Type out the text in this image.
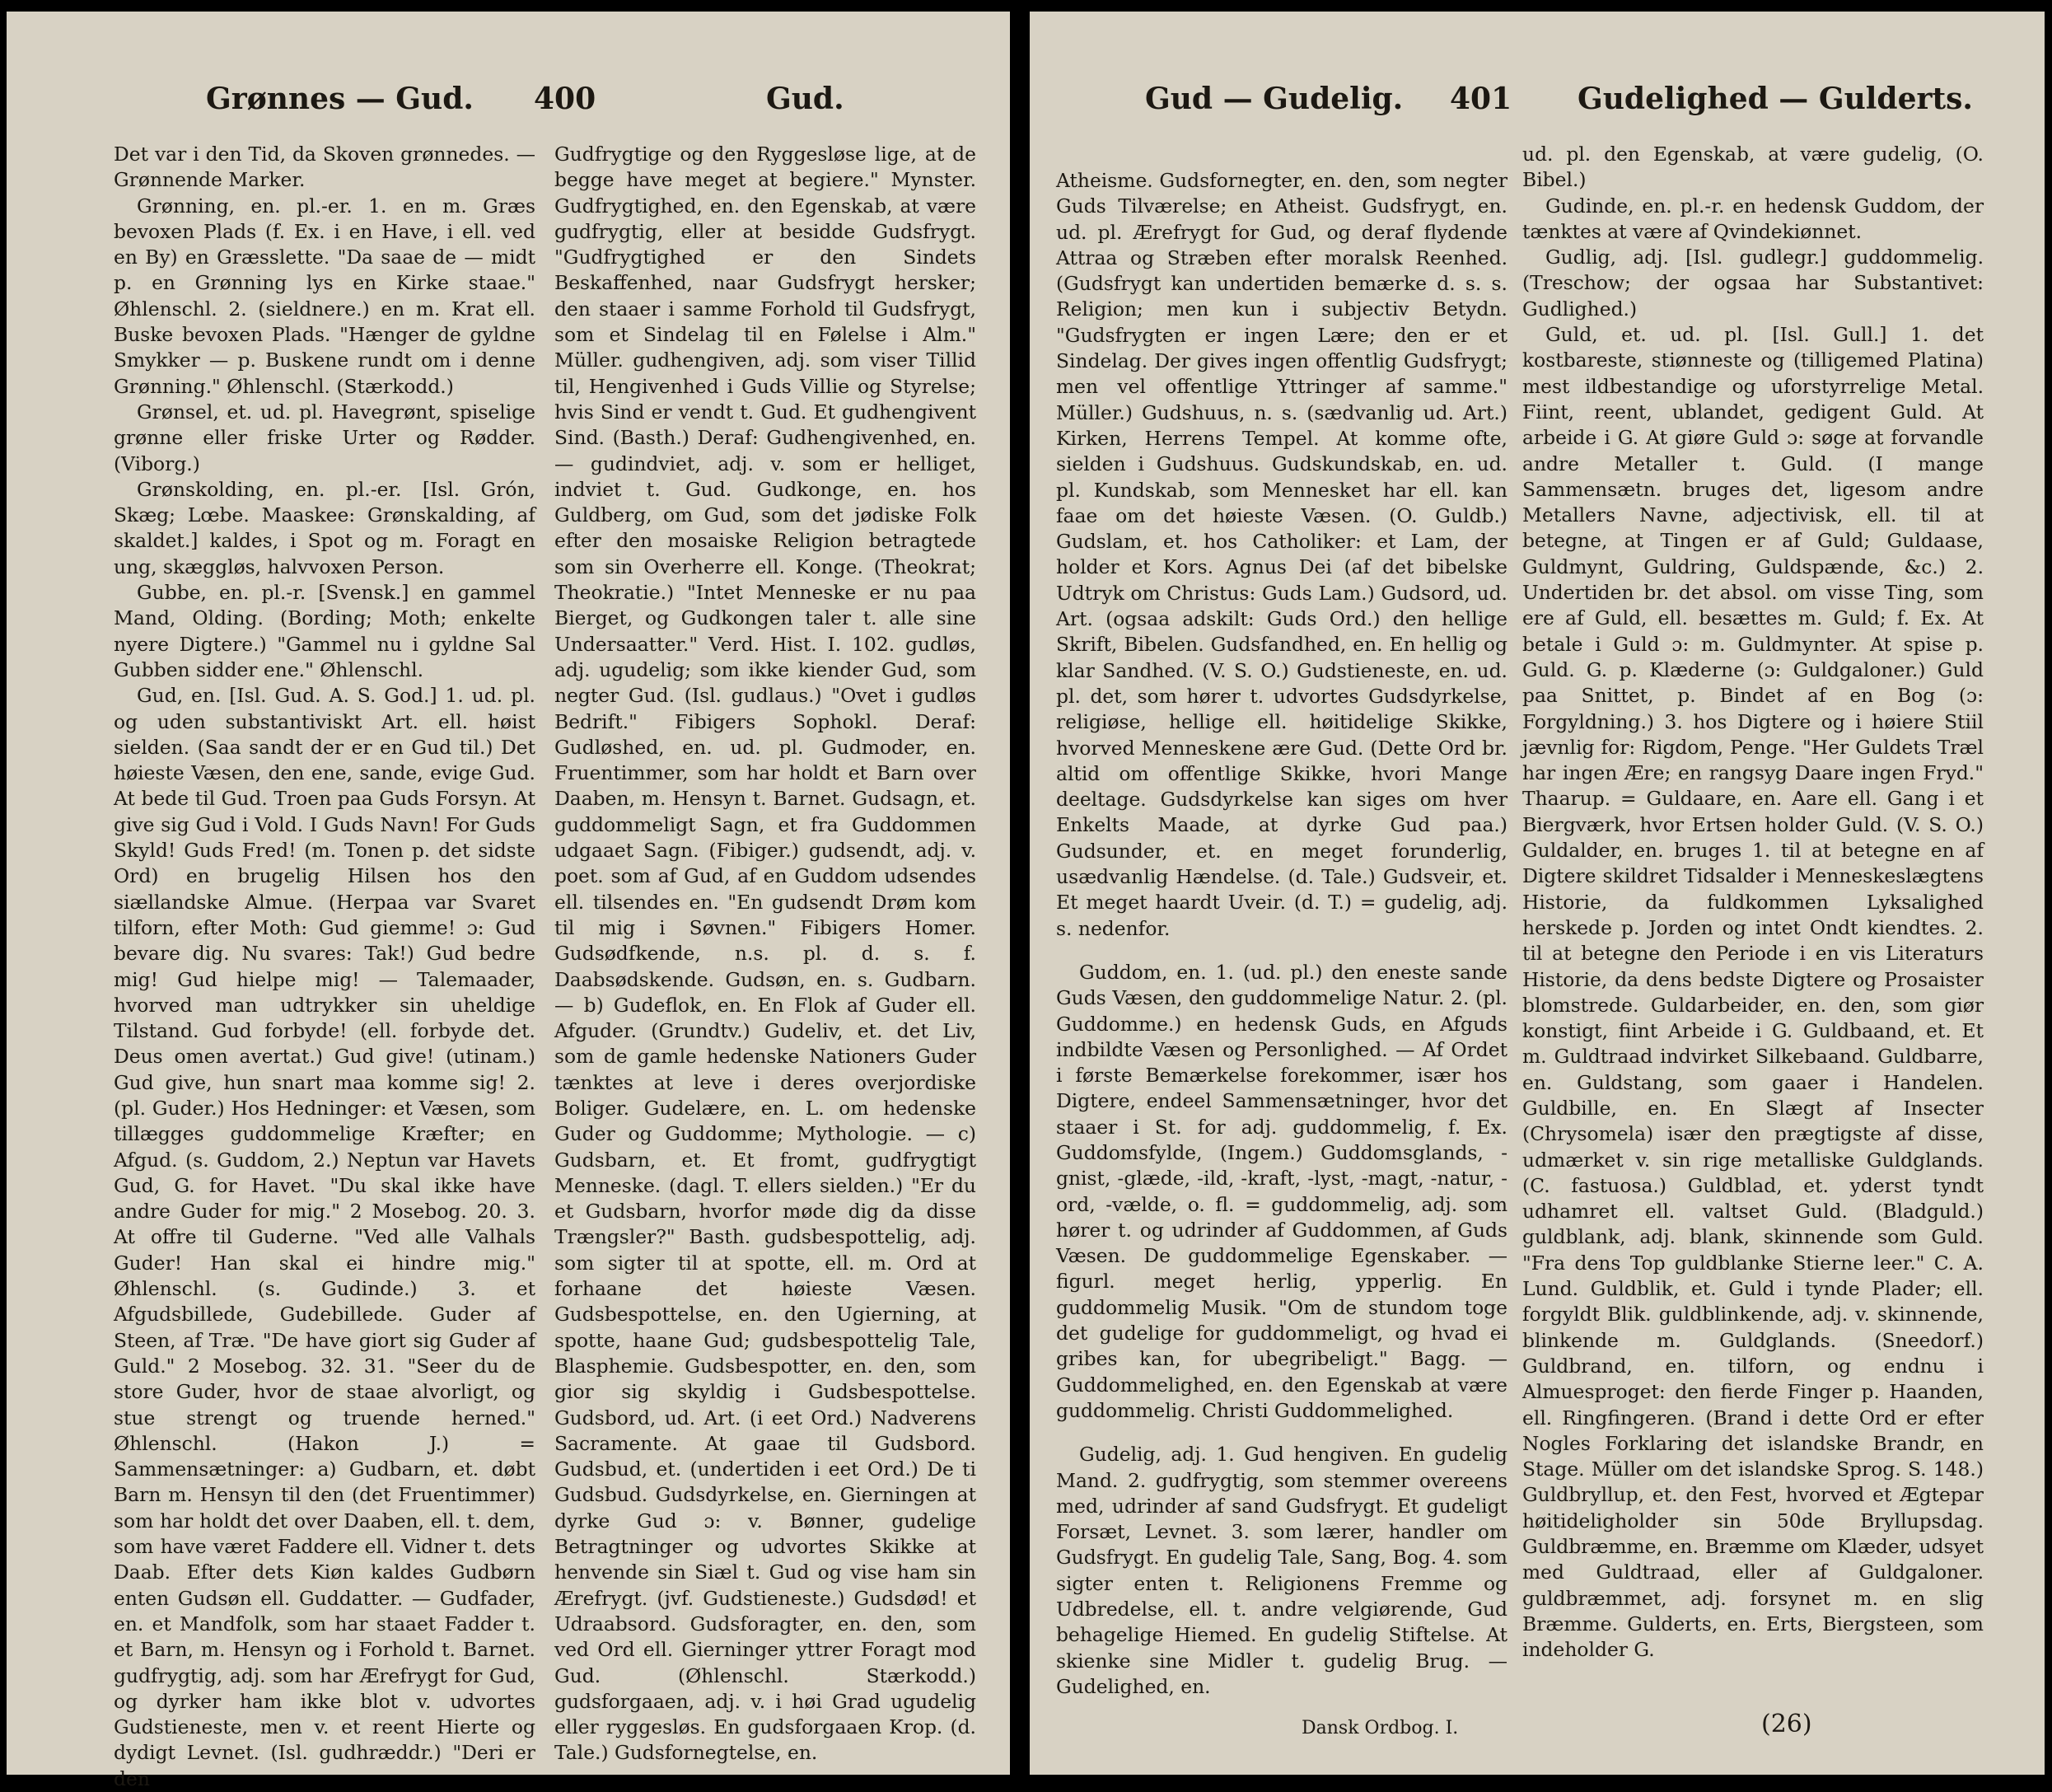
Grønnes — Gud. 400	Gud.

Det var i den Tid, da Skoven grønnedes. — Grønnende Marker.

Grønning, en. pl.-er. 1. en m. Græs bevoxen Plads (f. Ex. i en Have, i ell. ved en By) en Græsslette. "Da saae de — midt p. en Grønning lys en Kirke staae." Øhlenschl. 2. (sieldnere.) en m. Krat ell. Buske bevoxen Plads. "Hænger de gyldne Smykker — p. Buskene rundt om i denne Grønning." Øhlenschl. (Stærkodd.)

Grønsel, et. ud. pl. Havegrønt, spiselige grønne eller friske Urter og Rødder. (Viborg.)

Grønskolding, en. pl.-er. [Isl. Grón, Skæg; Lœbe. Maaskee: Grønskalding, af skaldet.] kaldes, i Spot og m. Foragt en ung, skæggløs, halvvoxen Person.

Gubbe, en. pl.-r. [Svensk.] en gammel Mand, Olding. (Bording; Moth; enkelte nyere Digtere.) "Gammel nu i gyldne Sal Gubben sidder ene." Øhlenschl.

Gud, en. [Isl. Gud. A. S. God.] 1. ud. pl. og uden substantiviskt Art. ell. høist sielden. (Saa sandt der er en Gud til.) Det høieste Væsen, den ene, sande, evige Gud. At bede til Gud. Troen paa Guds Forsyn. At give sig Gud i Vold. I Guds Navn! For Guds Skyld! Guds Fred! (m. Tonen p. det sidste Ord) en brugelig Hilsen hos den siællandske Almue. (Herpaa var Svaret tilforn, efter Moth: Gud giemme! ɔ: Gud bevare dig. Nu svares: Tak!) Gud bedre mig! Gud hielpe mig! — Talemaader, hvorved man udtrykker sin uheldige Tilstand. Gud forbyde! (ell. forbyde det. Deus omen avertat.) Gud give! (utinam.) Gud give, hun snart maa komme sig! 2. (pl. Guder.) Hos Hedninger: et Væsen, som tillægges guddommelige Kræfter; en Afgud. (s. Guddom, 2.) Neptun var Havets Gud, G. for Havet. "Du skal ikke have andre Guder for mig." 2 Mosebog. 20. 3. At offre til Guderne. "Ved alle Valhals Guder! Han skal ei hindre mig." Øhlenschl. (s. Gudinde.) 3. et Afgudsbillede, Gudebillede. Guder af Steen, af Træ. "De have giort sig Guder af Guld." 2 Mosebog. 32. 31. "Seer du de store Guder, hvor de staae alvorligt, og stue strengt og truende herned." Øhlenschl. (Hakon J.) = Sammensætninger: a) Gudbarn, et. døbt Barn m. Hensyn til den (det Fruentimmer) som har holdt det over Daaben, ell. t. dem, som have været Faddere ell. Vidner t. dets Daab. Efter dets Kiøn kaldes Gudbørn enten Gudsøn ell. Guddatter. — Gudfader, en. et Mandfolk, som har staaet Fadder t. et Barn, m. Hensyn og i Forhold t. Barnet. gudfrygtig, adj. som har Ærefrygt for Gud, og dyrker ham ikke blot v. udvortes Gudstieneste, men v. et reent Hierte og dydigt Levnet. (Isl. gudhræddr.) "Deri er den

Gudfrygtige og den Ryggesløse lige, at de begge have meget at begiere." Mynster. Gudfrygtighed, en. den Egenskab, at være gudfrygtig, eller at besidde Gudsfrygt. "Gudfrygtighed er den Sindets Beskaffenhed, naar Gudsfrygt hersker; den staaer i samme Forhold til Gudsfrygt, som et Sindelag til en Følelse i Alm." Müller. gudhengiven, adj. som viser Tillid til, Hengivenhed i Guds Villie og Styrelse; hvis Sind er vendt t. Gud. Et gudhengivent Sind. (Basth.) Deraf: Gudhengivenhed, en. — gudindviet, adj. v. som er helliget, indviet t. Gud. Gudkonge, en. hos Guldberg, om Gud, som det jødiske Folk efter den mosaiske Religion betragtede som sin Overherre ell. Konge. (Theokrat; Theokratie.) "Intet Menneske er nu paa Bierget, og Gudkongen taler t. alle sine Undersaatter." Verd. Hist. I. 102. gudløs, adj. ugudelig; som ikke kiender Gud, som negter Gud. (Isl. gudlaus.) "Ovet i gudløs Bedrift." Fibigers Sophokl. Deraf: Gudløshed, en. ud. pl. Gudmoder, en. Fruentimmer, som har holdt et Barn over Daaben, m. Hensyn t. Barnet. Gudsagn, et. guddommeligt Sagn, et fra Guddommen udgaaet Sagn. (Fibiger.) gudsendt, adj. v. poet. som af Gud, af en Guddom udsendes ell. tilsendes en. "En gudsendt Drøm kom til mig i Søvnen." Fibigers Homer. Gudsødfkende, n.s. pl. d. s. f. Daabsødskende. Gudsøn, en. s. Gudbarn. — b) Gudeflok, en. En Flok af Guder ell. Afguder. (Grundtv.) Gudeliv, et. det Liv, som de gamle hedenske Nationers Guder tænktes at leve i deres overjordiske Boliger. Gudelære, en. L. om hedenske Guder og Guddomme; Mythologie. — c) Gudsbarn, et. Et fromt, gudfrygtigt Menneske. (dagl. T. ellers sielden.) "Er du et Gudsbarn, hvorfor møde dig da disse Trængsler?" Basth. gudsbespottelig, adj. som sigter til at spotte, ell. m. Ord at forhaane det høieste Væsen. Gudsbespottelse, en. den Ugierning, at spotte, haane Gud; gudsbespottelig Tale, Blasphemie. Gudsbespotter, en. den, som gior sig skyldig i Gudsbespottelse. Gudsbord, ud. Art. (i eet Ord.) Nadverens Sacramente. At gaae til Gudsbord. Gudsbud, et. (undertiden i eet Ord.) De ti Gudsbud. Gudsdyrkelse, en. Gierningen at dyrke Gud ɔ: v. Bønner, gudelige Betragtninger og udvortes Skikke at henvende sin Siæl t. Gud og vise ham sin Ærefrygt. (jvf. Gudstieneste.) Gudsdød! et Udraabsord. Gudsforagter, en. den, som ved Ord ell. Gierninger yttrer Foragt mod Gud. (Øhlenschl. Stærkodd.) gudsforgaaen, adj. v. i høi Grad ugudelig eller ryggesløs. En gudsforgaaen Krop. (d. Tale.) Gudsfornegtelse, en.

Gud — Gudelig. 401 Gudelighed — Gulderts.

Atheisme. Gudsfornegter, en. den, som negter Guds Tilværelse; en Atheist. Gudsfrygt, en. ud. pl. Ærefrygt for Gud, og deraf flydende Attraa og Stræben efter moralsk Reenhed. (Gudsfrygt kan undertiden bemærke d. s. s. Religion; men kun i subjectiv Betydn. "Gudsfrygten er ingen Lære; den er et Sindelag. Der gives ingen offentlig Gudsfrygt; men vel offentlige Yttringer af samme." Müller.) Gudshuus, n. s. (sædvanlig ud. Art.) Kirken, Herrens Tempel. At komme ofte, sielden i Gudshuus. Gudskundskab, en. ud. pl. Kundskab, som Mennesket har ell. kan faae om det høieste Væsen. (O. Guldb.) Gudslam, et. hos Catholiker: et Lam, der holder et Kors. Agnus Dei (af det bibelske Udtryk om Christus: Guds Lam.) Gudsord, ud. Art. (ogsaa adskilt: Guds Ord.) den hellige Skrift, Bibelen. Gudsfandhed, en. En hellig og klar Sandhed. (V. S. O.) Gudstieneste, en. ud. pl. det, som hører t. udvortes Gudsdyrkelse, religiøse, hellige ell. høitidelige Skikke, hvorved Menneskene ære Gud. (Dette Ord br. altid om offentlige Skikke, hvori Mange deeltage. Gudsdyrkelse kan siges om hver Enkelts Maade, at dyrke Gud paa.) Gudsunder, et. en meget forunderlig, usædvanlig Hændelse. (d. Tale.) Gudsveir, et. Et meget haardt Uveir. (d. T.) = gudelig, adj. s. nedenfor.

Guddom, en. 1. (ud. pl.) den eneste sande Guds Væsen, den guddommelige Natur. 2. (pl. Guddomme.) en hedensk Guds, en Afguds indbildte Væsen og Personlighed. — Af Ordet i første Bemærkelse forekommer, især hos Digtere, endeel Sammensætninger, hvor det staaer i St. for adj. guddommelig, f. Ex. Guddomsfylde, (Ingem.) Guddomsglands, -gnist, -glæde, -ild, -kraft, -lyst, -magt, -natur, -ord, -vælde, o. fl. = guddommelig, adj. som hører t. og udrinder af Guddommen, af Guds Væsen. De guddommelige Egenskaber. — figurl. meget herlig, ypperlig. En guddommelig Musik. "Om de stundom toge det gudelige for guddommeligt, og hvad ei gribes kan, for ubegribeligt." Bagg. — Guddommelighed, en. den Egenskab at være guddommelig. Christi Guddommelighed.

Gudelig, adj. 1. Gud hengiven. En gudelig Mand. 2. gudfrygtig, som stemmer overeens med, udrinder af sand Gudsfrygt. Et gudeligt Forsæt, Levnet. 3. som lærer, handler om Gudsfrygt. En gudelig Tale, Sang, Bog. 4. som sigter enten t. Religionens Fremme og Udbredelse, ell. t. andre velgiørende, Gud behagelige Hiemed. En gudelig Stiftelse. At skienke sine Midler t. gudelig Brug. — Gudelighed, en.

ud. pl. den Egenskab, at være gudelig, (O. Bibel.)

Gudinde, en. pl.-r. en hedensk Guddom, der tænktes at være af Qvindekiønnet.

Gudlig, adj. [Isl. gudlegr.] guddommelig. (Treschow; der ogsaa har Substantivet: Gudlighed.)

Guld, et. ud. pl. [Isl. Gull.] 1. det kostbareste, stiønneste og (tilligemed Platina) mest ildbestandige og uforstyrrelige Metal. Fiint, reent, ublandet, gedigent Guld. At arbeide i G. At giøre Guld ɔ: søge at forvandle andre Metaller t. Guld. (I mange Sammensætn. bruges det, ligesom andre Metallers Navne, adjectivisk, ell. til at betegne, at Tingen er af Guld; Guldaase, Guldmynt, Guldring, Guldspænde, &c.) 2. Undertiden br. det absol. om visse Ting, som ere af Guld, ell. besættes m. Guld; f. Ex. At betale i Guld ɔ: m. Guldmynter. At spise p. Guld. G. p. Klæderne (ɔ: Guldgaloner.) Guld paa Snittet, p. Bindet af en Bog (ɔ: Forgyldning.) 3. hos Digtere og i høiere Stiil jævnlig for: Rigdom, Penge. "Her Guldets Træl har ingen Ære; en rangsyg Daare ingen Fryd." Thaarup. = Guldaare, en. Aare ell. Gang i et Biergværk, hvor Ertsen holder Guld. (V. S. O.) Guldalder, en. bruges 1. til at betegne en af Digtere skildret Tidsalder i Menneskeslægtens Historie, da fuldkommen Lyksalighed herskede p. Jorden og intet Ondt kiendtes. 2. til at betegne den Periode i en vis Literaturs Historie, da dens bedste Digtere og Prosaister blomstrede. Guldarbeider, en. den, som giør konstigt, fiint Arbeide i G. Guldbaand, et. Et m. Guldtraad indvirket Silkebaand. Guldbarre, en. Guldstang, som gaaer i Handelen. Guldbille, en. En Slægt af Insecter (Chrysomela) især den prægtigste af disse, udmærket v. sin rige metalliske Guldglands. (C. fastuosa.) Guldblad, et. yderst tyndt udhamret ell. valtset Guld. (Bladguld.) guldblank, adj. blank, skinnende som Guld. "Fra dens Top guldblanke Stierne leer." C. A. Lund. Guldblik, et. Guld i tynde Plader; ell. forgyldt Blik. guldblinkende, adj. v. skinnende, blinkende m. Guldglands. (Sneedorf.) Guldbrand, en. tilforn, og endnu i Almuesproget: den fierde Finger p. Haanden, ell. Ringfingeren. (Brand i dette Ord er efter Nogles Forklaring det islandske Brandr, en Stage. Müller om det islandske Sprog. S. 148.) Guldbryllup, et. den Fest, hvorved et Ægtepar høitideligholder sin 50de Bryllupsdag. Guldbræmme, en. Bræmme om Klæder, udsyet med Guldtraad, eller af Guldgaloner. guldbræmmet, adj. forsynet m. en slig Bræmme. Gulderts, en. Erts, Biergsteen, som indeholder G.

Dansk Ordbog. I.	(26)
